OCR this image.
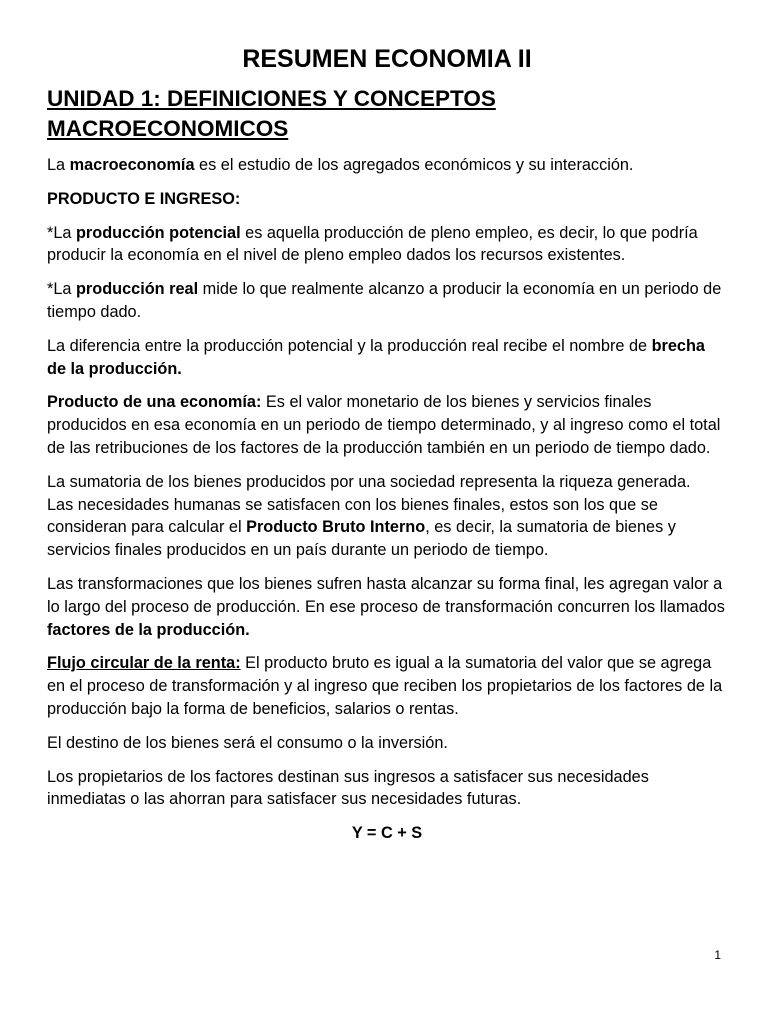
RESUMEN ECONOMIA II
UNIDAD 1: DEFINICIONES Y CONCEPTOS MACROECONOMICOS
La macroeconomía es el estudio de los agregados económicos y su interacción.
PRODUCTO E INGRESO:
*La producción potencial es aquella producción de pleno empleo, es decir, lo que podría producir la economía en el nivel de pleno empleo dados los recursos existentes.
*La producción real mide lo que realmente alcanzo a producir la economía en un periodo de tiempo dado.
La diferencia entre la producción potencial y la producción real recibe el nombre de brecha de la producción.
Producto de una economía: Es el valor monetario de los bienes y servicios finales producidos en esa economía en un periodo de tiempo determinado, y al ingreso como el total de las retribuciones de los factores de la producción también en un periodo de tiempo dado.
La sumatoria de los bienes producidos por una sociedad representa la riqueza generada.
Las necesidades humanas se satisfacen con los bienes finales, estos son los que se consideran para calcular el Producto Bruto Interno, es decir, la sumatoria de bienes y servicios finales producidos en un país durante un periodo de tiempo.
Las transformaciones que los bienes sufren hasta alcanzar su forma final, les agregan valor a lo largo del proceso de producción. En ese proceso de transformación concurren los llamados factores de la producción.
Flujo circular de la renta: El producto bruto es igual a la sumatoria del valor que se agrega en el proceso de transformación y al ingreso que reciben los propietarios de los factores de la producción bajo la forma de beneficios, salarios o rentas.
El destino de los bienes será el consumo o la inversión.
Los propietarios de los factores destinan sus ingresos a satisfacer sus necesidades inmediatas o las ahorran para satisfacer sus necesidades futuras.
Y = C + S
1
